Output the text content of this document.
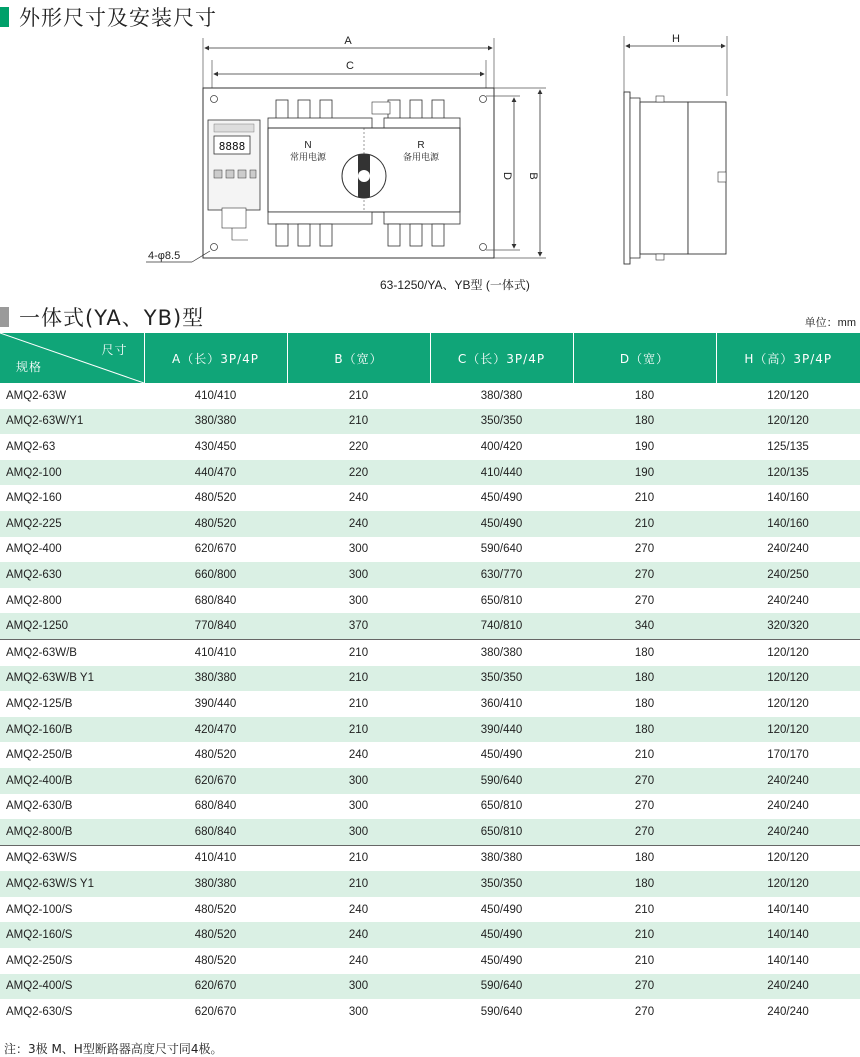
外形尺寸及安装尺寸
A
C
8888	N
常用电源
R
备用电源
D B
4-φ8.5
H
63-1250/YA、YB型 (一体式)
一体式(YA、YB)型	单位：mm
尺寸
规格	A（长）3P/4P	B（宽）	C（长）3P/4P	D（宽）	H（高）3P/4P
AMQ2-63W	410/410	210	380/380	180	120/120
AMQ2-63W/Y1	380/380	210	350/350	180	120/120
AMQ2-63	430/450	220	400/420	190	125/135
AMQ2-100	440/470	220	410/440	190	120/135
AMQ2-160	480/520	240	450/490	210	140/160
AMQ2-225	480/520	240	450/490	210	140/160
AMQ2-400	620/670	300	590/640	270	240/240
AMQ2-630	660/800	300	630/770	270	240/250
AMQ2-800	680/840	300	650/810	270	240/240
AMQ2-1250	770/840	370	740/810	340	320/320
AMQ2-63W/B	410/410	210	380/380	180	120/120
AMQ2-63W/B Y1	380/380	210	350/350	180	120/120
AMQ2-125/B	390/440	210	360/410	180	120/120
AMQ2-160/B	420/470	210	390/440	180	120/120
AMQ2-250/B	480/520	240	450/490	210	170/170
AMQ2-400/B	620/670	300	590/640	270	240/240
AMQ2-630/B	680/840	300	650/810	270	240/240
AMQ2-800/B	680/840	300	650/810	270	240/240
AMQ2-63W/S	410/410	210	380/380	180	120/120
AMQ2-63W/S Y1	380/380	210	350/350	180	120/120
AMQ2-100/S	480/520	240	450/490	210	140/140
AMQ2-160/S	480/520	240	450/490	210	140/140
AMQ2-250/S	480/520	240	450/490	210	140/140
AMQ2-400/S	620/670	300	590/640	270	240/240
AMQ2-630/S	620/670	300	590/640	270	240/240
注：3极 M、H型断路器高度尺寸同4极。
